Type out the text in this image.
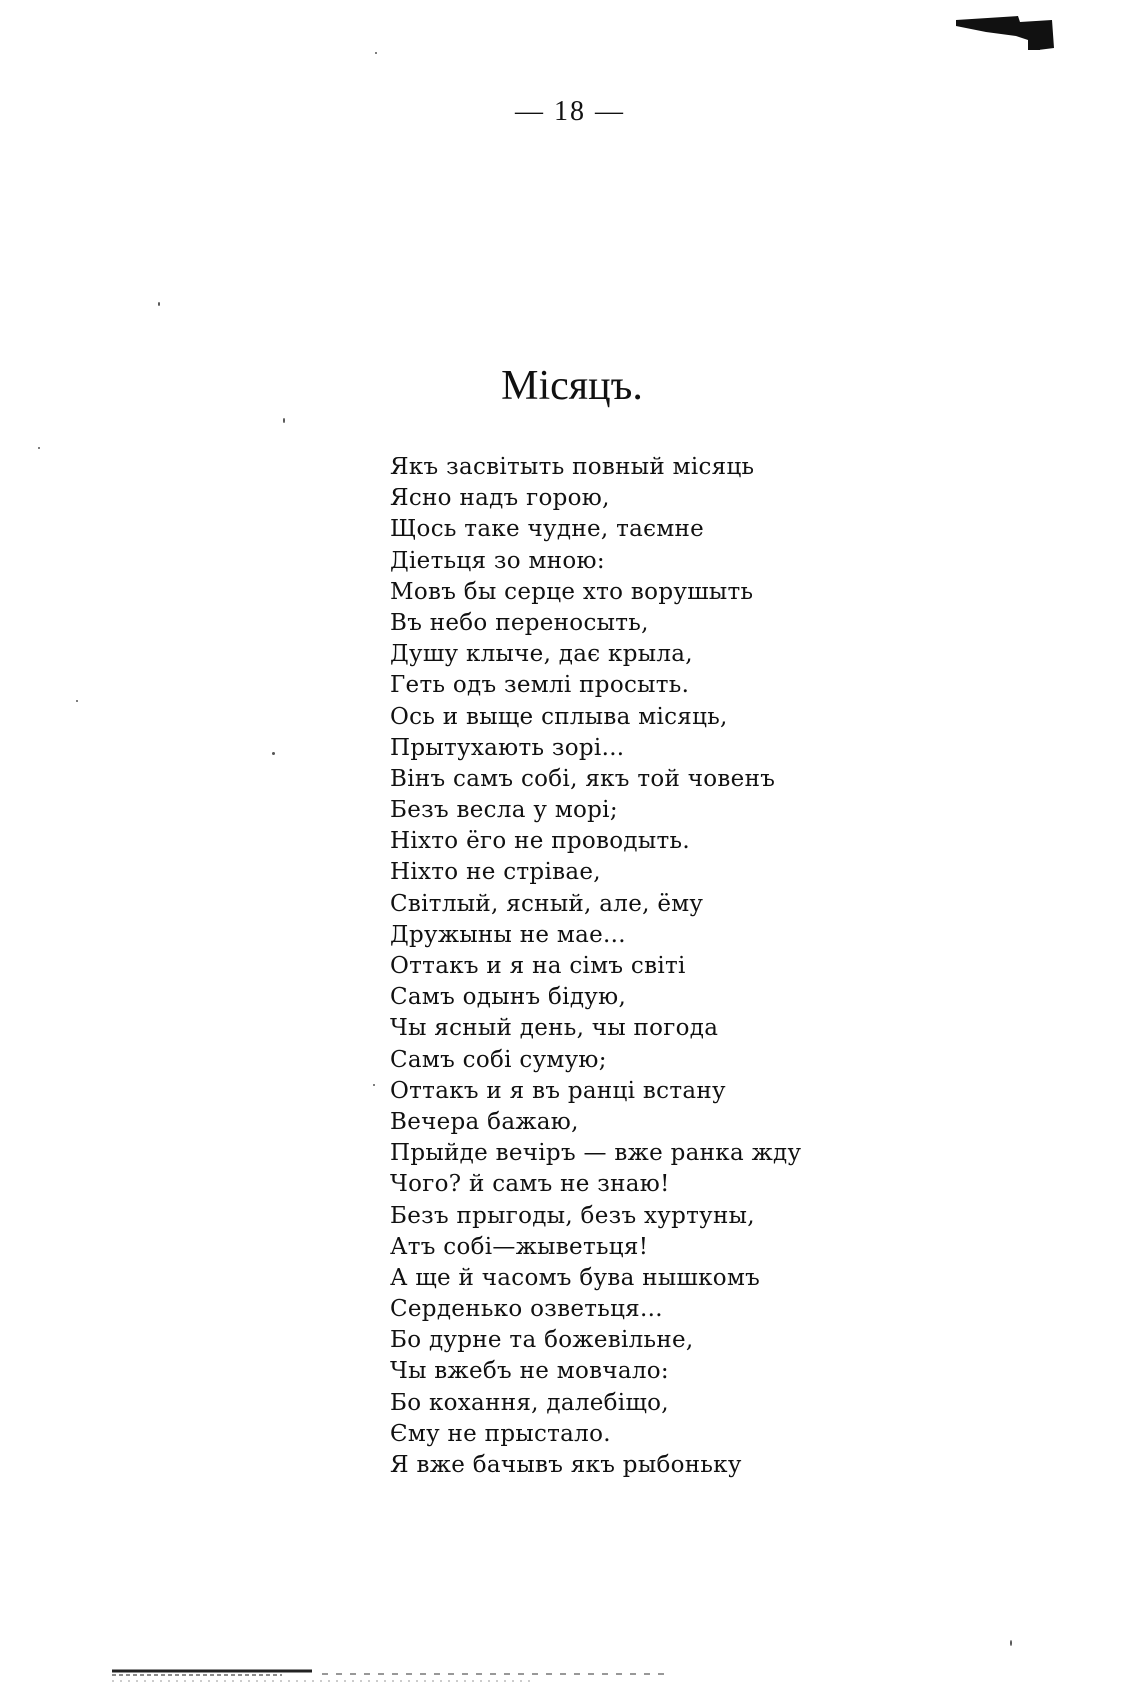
— 18 —
Місяцъ.
Якъ засвітыть повный місяць
Ясно надъ горою,
Щось таке чудне, таємне
Діетьця зо мною:
Мовъ бы серце хто ворушыть
Въ небо переносыть,
Душу клыче, дає крыла,
Геть одъ землі просыть.
Ось и выще сплыва місяць,
Прытухають зорі...
Вінъ самъ собі, якъ той човенъ
Безъ весла у морі;
Ніхто ёго не проводыть.
Ніхто не стрівае,
Світлый, ясный, але, ёму
Дружыны не мае...
Оттакъ и я на сімъ світі
Самъ одынъ бідую,
Чы ясный день, чы погода
Самъ собі сумую;
Оттакъ и я въ ранці встану
Вечера бажаю,
Прыйде вечіръ — вже ранка жду
Чого? й самъ не знаю!
Безъ прыгоды, безъ хуртуны,
Атъ собі—жыветьця!
А ще й часомъ бува нышкомъ
Серденько озветьця...
Бо дурне та божевільне,
Чы вжебъ не мовчало:
Бо кохання, далебіщо,
Єму не прыстало.
Я вже бачывъ якъ рыбоньку
